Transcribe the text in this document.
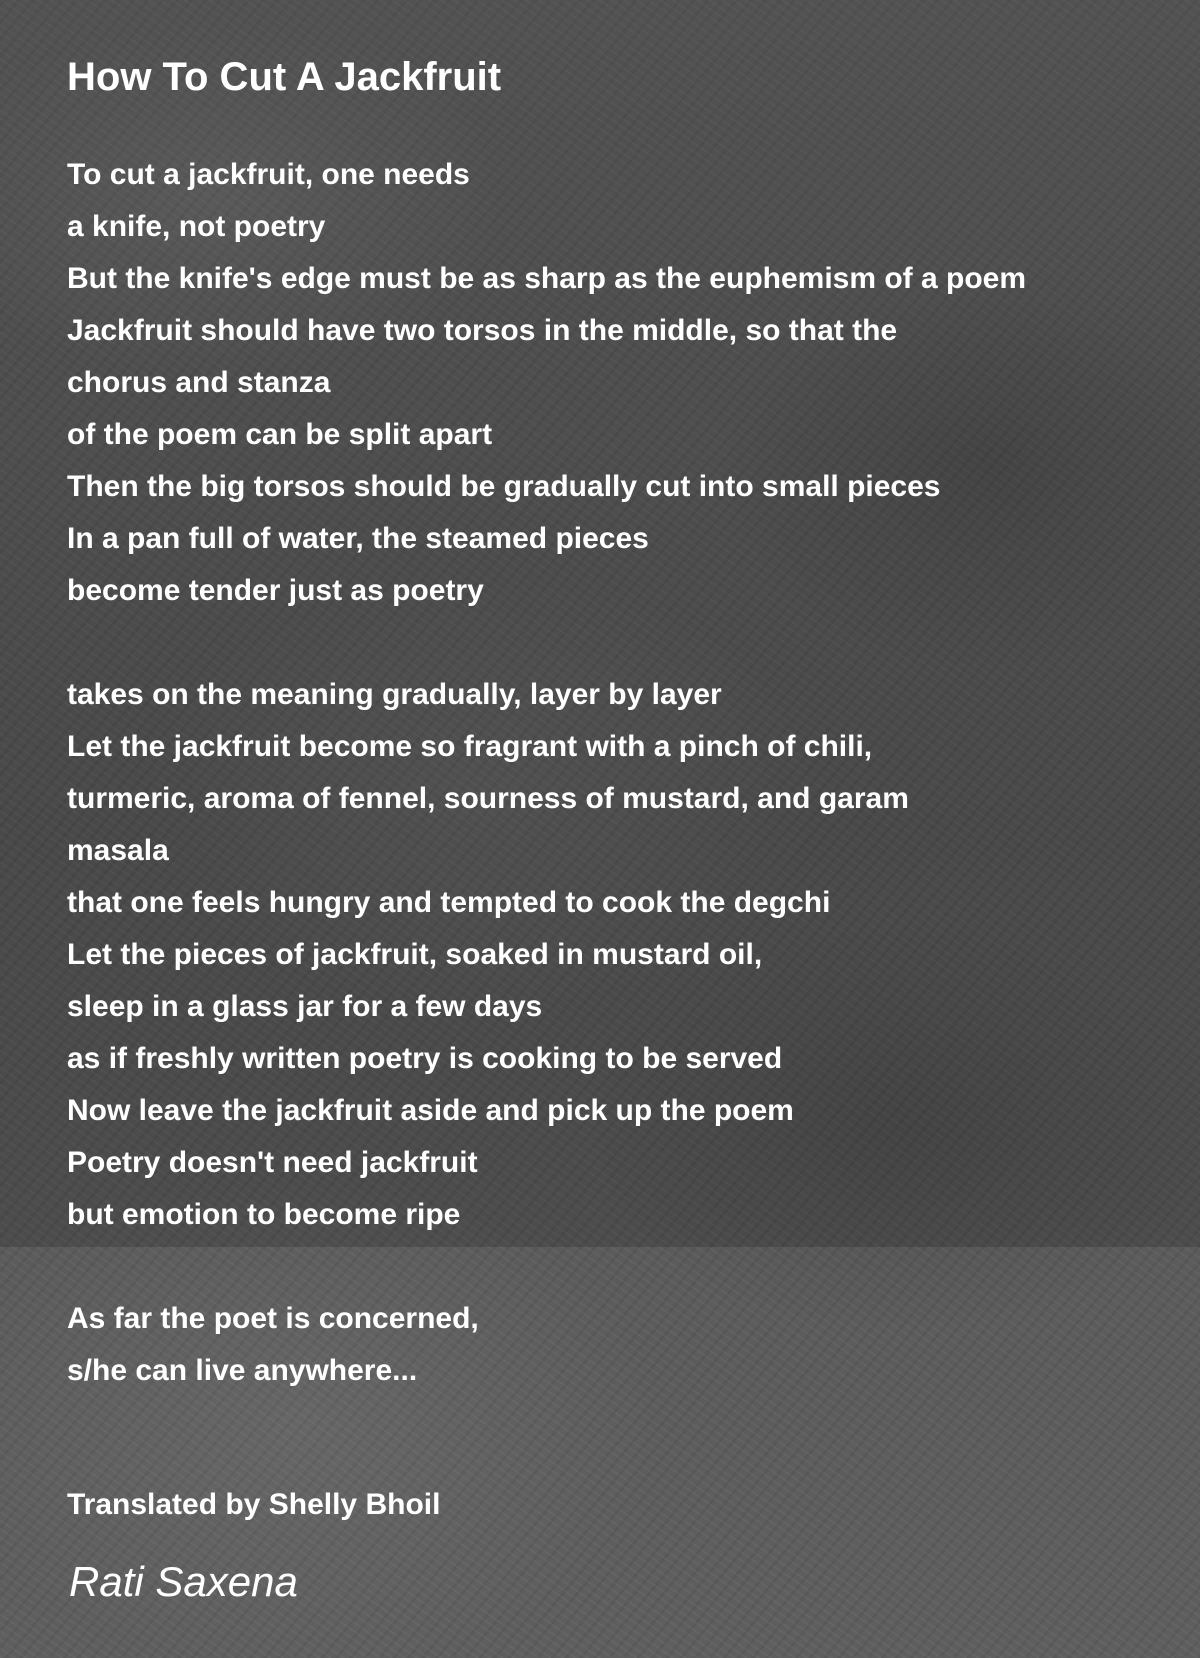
How To Cut A Jackfruit
To cut a jackfruit, one needs
a knife, not poetry
But the knife's edge must be as sharp as the euphemism of a poem
Jackfruit should have two torsos in the middle, so that the
chorus and stanza
of the poem can be split apart
Then the big torsos should be gradually cut into small pieces
In a pan full of water, the steamed pieces
become tender just as poetry
takes on the meaning gradually, layer by layer
Let the jackfruit become so fragrant with a pinch of chili,
turmeric, aroma of fennel, sourness of mustard, and garam
masala
that one feels hungry and tempted to cook the degchi
Let the pieces of jackfruit, soaked in mustard oil,
sleep in a glass jar for a few days
as if freshly written poetry is cooking to be served
Now leave the jackfruit aside and pick up the poem
Poetry doesn't need jackfruit
but emotion to become ripe
As far the poet is concerned,
s/he can live anywhere...

Translated by Shelly Bhoil

Rati Saxena
